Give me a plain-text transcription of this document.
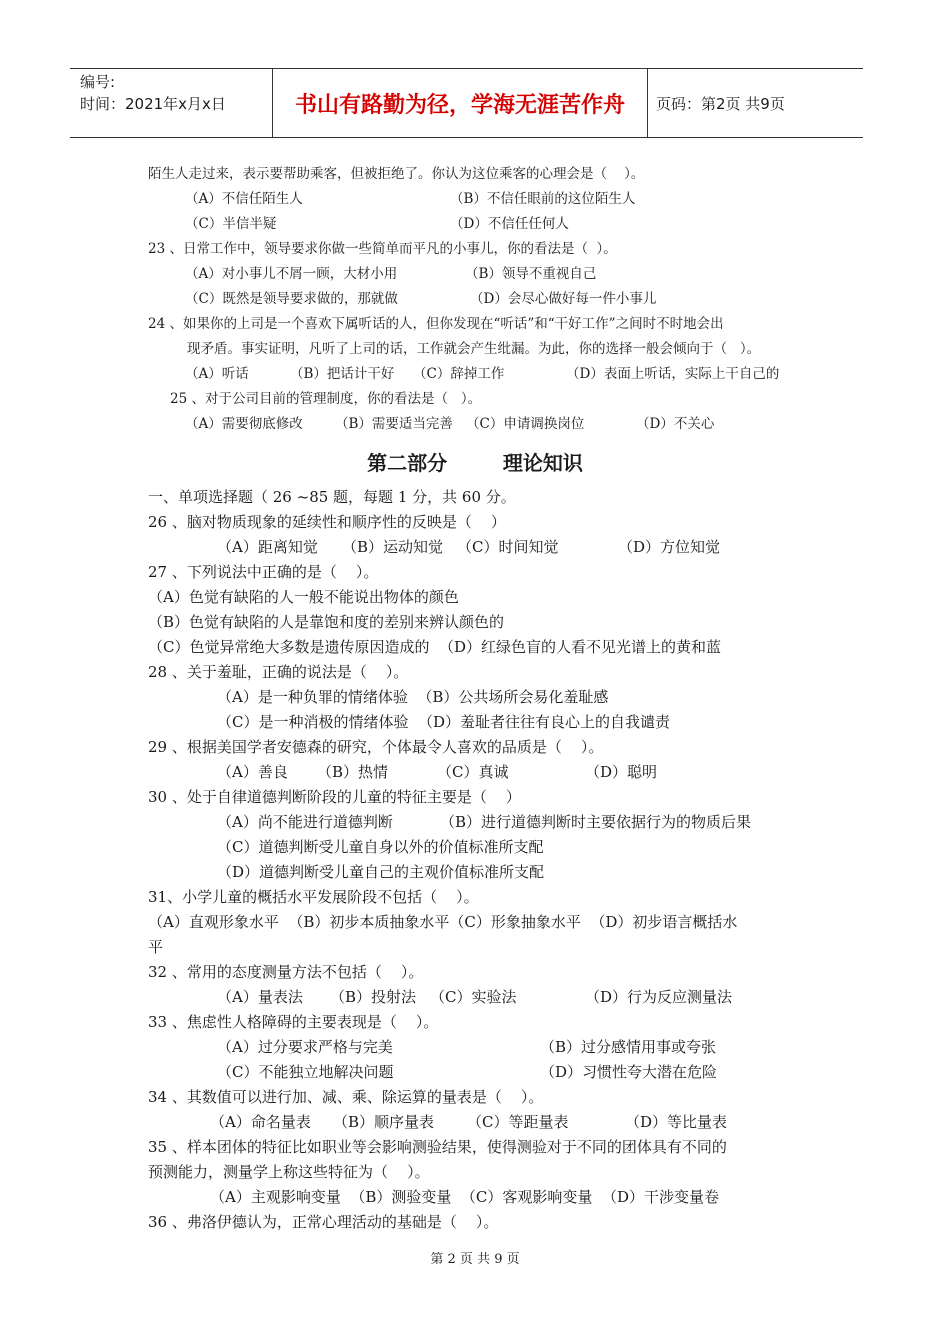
编号:
时间：2021年x月x日	书山有路勤为径，学海无涯苦作舟	页码：第2页 共9页
陌生人走过来，表示要帮助乘客，但被拒绝了。你认为这位乘客的心理会是（    ）。
（A）不信任陌生人	（B）不信任眼前的这位陌生人
（C）半信半疑	（D）不信任任何人
23 、日常工作中，领导要求你做一些简单而平凡的小事儿，你的看法是（  ）。
（A）对小事儿不屑一顾，大材小用	（B）领导不重视自己
（C）既然是领导要求做的，那就做	（D）会尽心做好每一件小事儿
24 、如果你的上司是一个喜欢下属听话的人，但你发现在“听话”和“干好工作”之间时不时地会出
现矛盾。事实证明，凡听了上司的话，工作就会产生纰漏。为此，你的选择一般会倾向于（   ）。
（A）听话	（B）把话计干好 （C）辞掉工作	（D）表面上听话，实际上干自己的
25 、对于公司目前的管理制度，你的看法是（   ）。
（A）需要彻底修改 （B）需要适当完善 （C）申请调换岗位	（D）不关心
第二部分        理论知识
一、单项选择题（ 26 ~85 题，每题 1 分，共 60 分。
26 、脑对物质现象的延续性和顺序性的反映是（    ）
（A）距离知觉 （B）运动知觉 （C）时间知觉	（D）方位知觉
27 、下列说法中正确的是（    ）。
（A）色觉有缺陷的人一般不能说出物体的颜色
（B）色觉有缺陷的人是靠饱和度的差别来辨认颜色的
（C）色觉异常绝大多数是遗传原因造成的  （D）红绿色盲的人看不见光谱上的黄和蓝
28 、关于羞耻，正确的说法是（    ）。
（A）是一种负罪的情绪体验  （B）公共场所会易化羞耻感
（C）是一种消极的情绪体验  （D）羞耻者往往有良心上的自我谴责
29 、根据美国学者安德森的研究，个体最令人喜欢的品质是（    ）。
（A）善良 （B）热情	（C）真诚	（D）聪明
30 、处于自律道德判断阶段的儿童的特征主要是（    ）
（A）尚不能进行道德判断	（B）进行道德判断时主要依据行为的物质后果
（C）道德判断受儿童自身以外的价值标准所支配
（D）道德判断受儿童自己的主观价值标准所支配
31、小学儿童的概括水平发展阶段不包括（    ）。
（A）直观形象水平  （B）初步本质抽象水平（C）形象抽象水平  （D）初步语言概括水
平
32 、常用的态度测量方法不包括（    ）。
（A）量表法 （B）投射法 （C）实验法	（D）行为反应测量法
33 、焦虑性人格障碍的主要表现是（    ）。
（A）过分要求严格与完美	（B）过分感情用事或夸张
（C）不能独立地解决问题	（D）习惯性夸大潜在危险
34 、其数值可以进行加、减、乘、除运算的量表是（    ）。
（A）命名量表 （B）顺序量表 （C）等距量表	（D）等比量表
35 、样本团体的特征比如职业等会影响测验结果，使得测验对于不同的团体具有不同的
预测能力，测量学上称这些特征为（    ）。
（A）主观影响变量  （B）测验变量  （C）客观影响变量  （D）干涉变量卷
36 、弗洛伊德认为，正常心理活动的基础是（    ）。
第 2 页 共 9 页
